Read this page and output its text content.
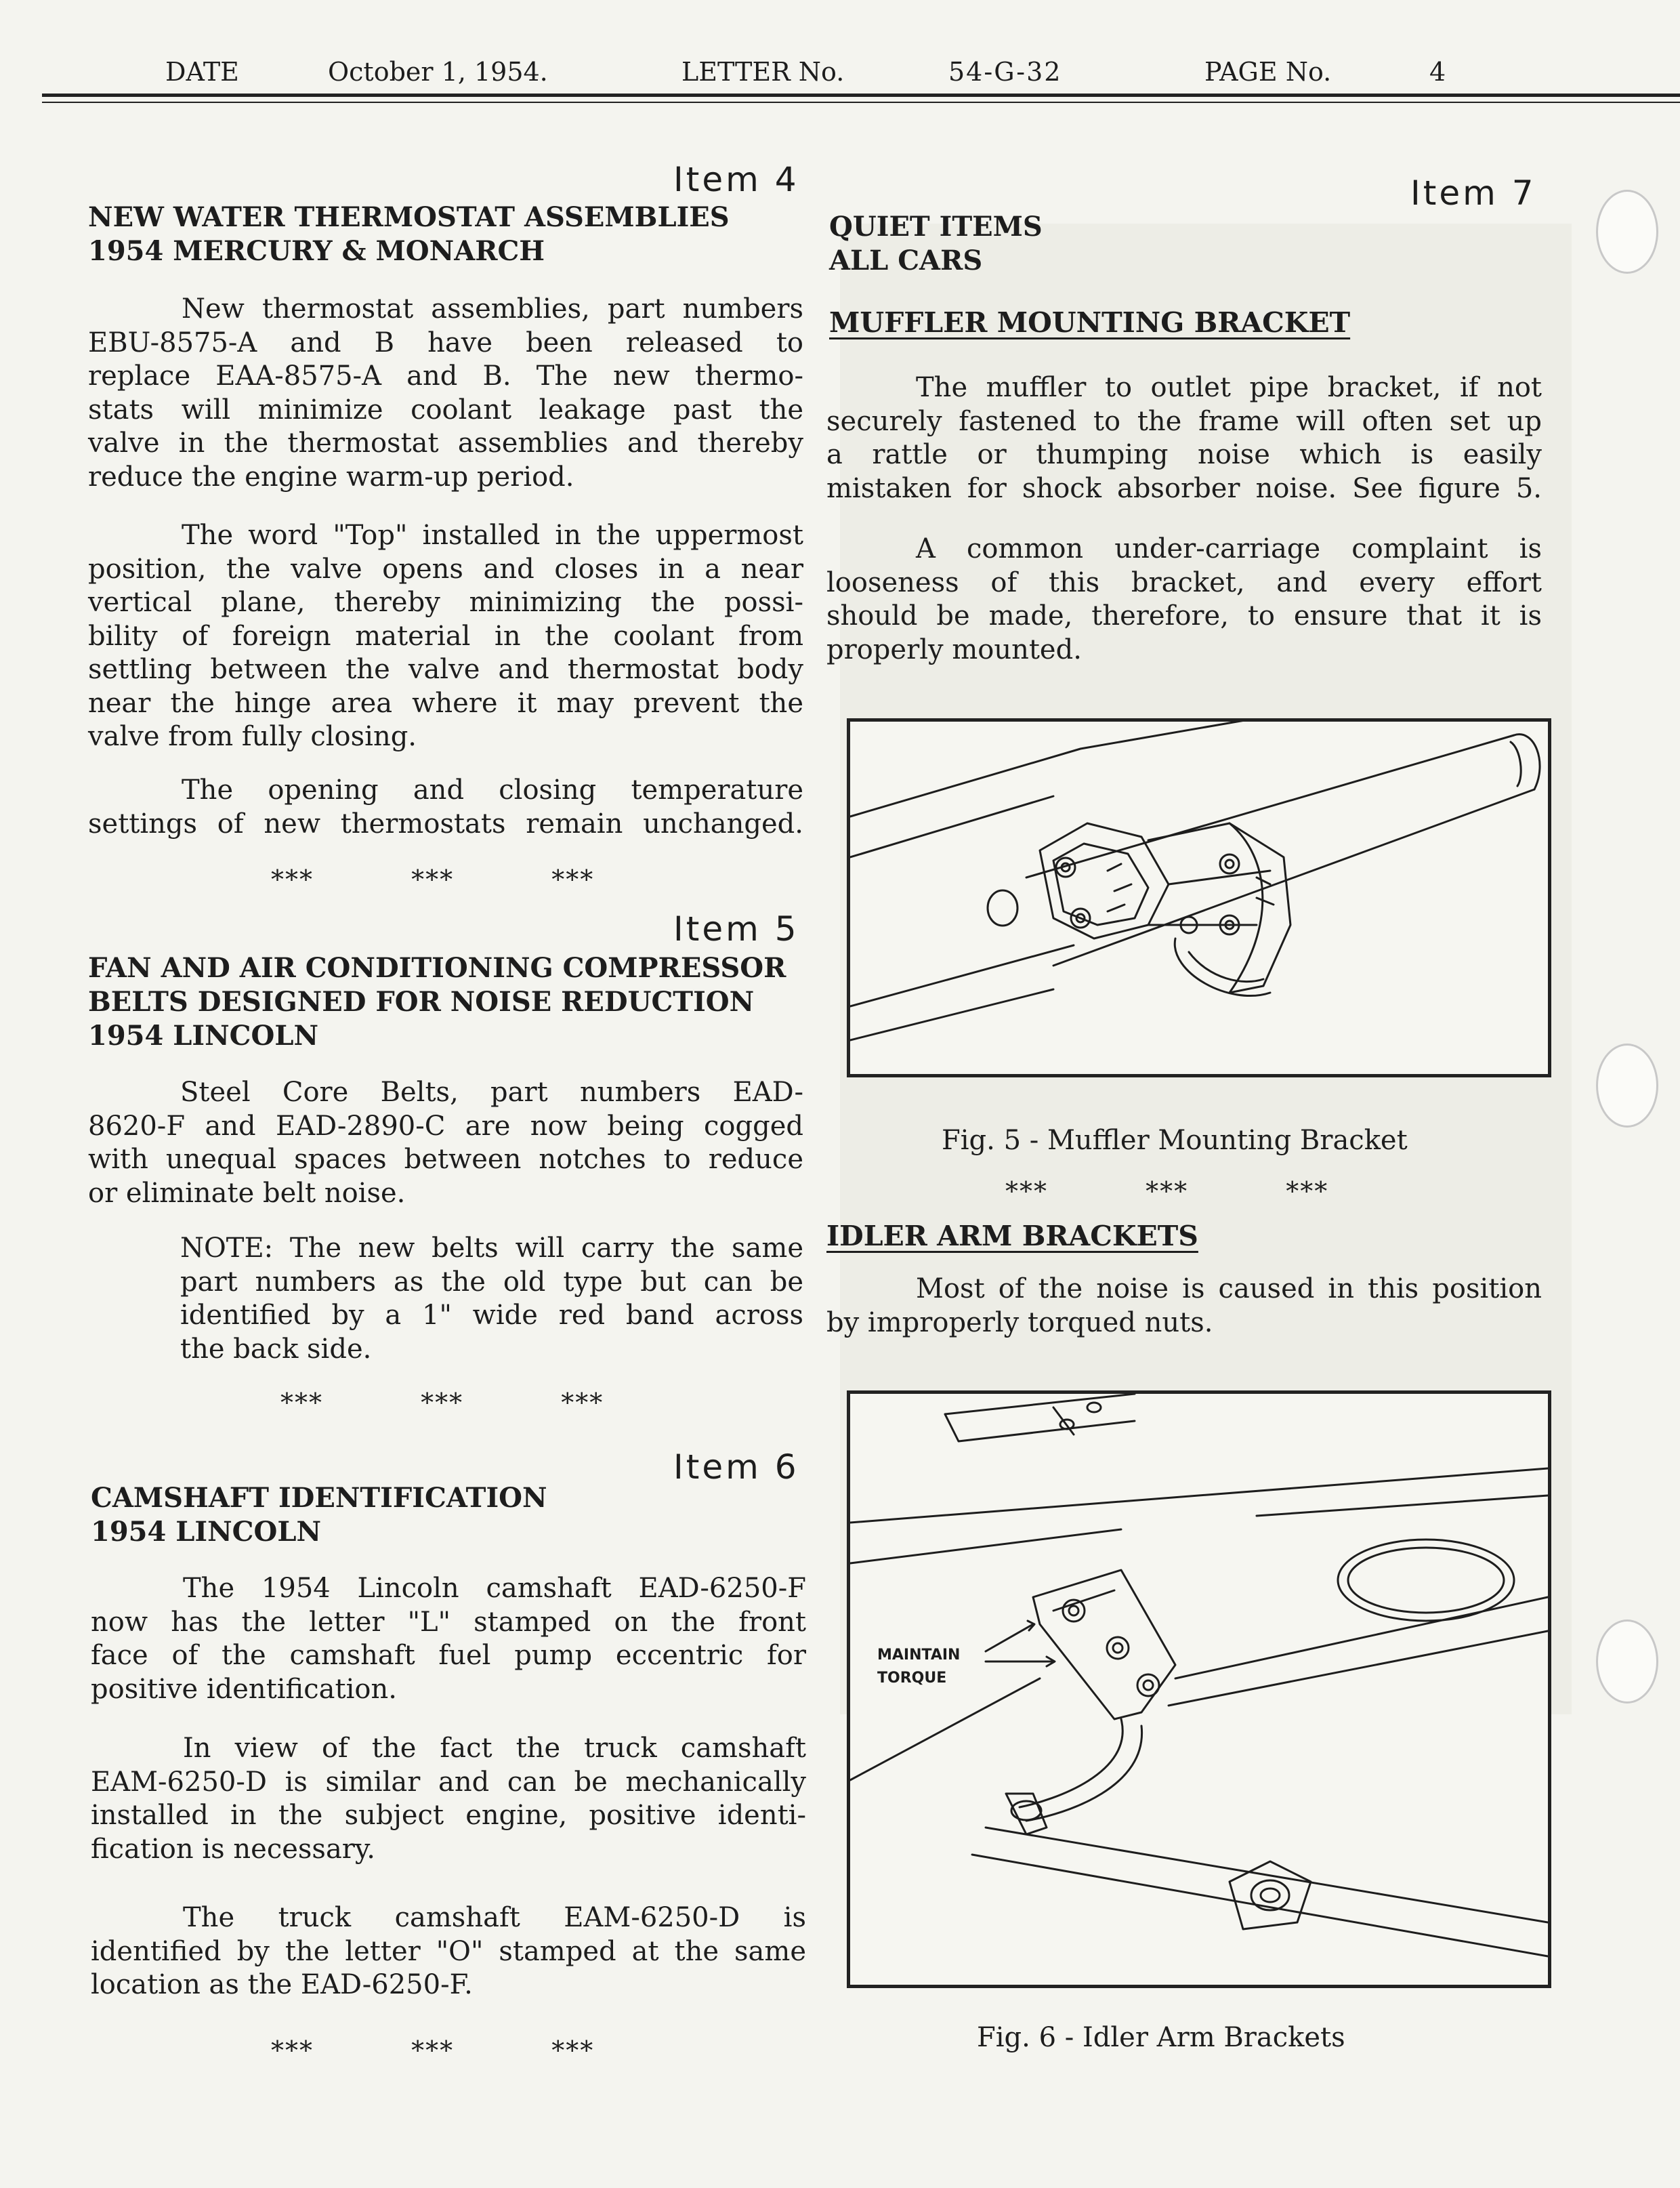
DATE	October 1, 1954.	LETTER No.	54-G-32	PAGE No.	4
Item 4
NEW WATER THERMOSTAT ASSEMBLIES
1954 MERCURY & MONARCH
New thermostat assemblies, part numbers
EBU-8575-A and B have been released to
replace EAA-8575-A and B. The new thermo-
stats will minimize coolant leakage past the
valve in the thermostat assemblies and thereby
reduce the engine warm-up period.
The word "Top" installed in the uppermost
position, the valve opens and closes in a near
vertical plane, thereby minimizing the possi-
bility of foreign material in the coolant from
settling between the valve and thermostat body
near the hinge area where it may prevent the
valve from fully closing.
The opening and closing temperature
settings of new thermostats remain unchanged.
***	***	***
Item 5
FAN AND AIR CONDITIONING COMPRESSOR
BELTS DESIGNED FOR NOISE REDUCTION
1954 LINCOLN
Steel Core Belts, part numbers EAD-
8620-F and EAD-2890-C are now being cogged
with unequal spaces between notches to reduce
or eliminate belt noise.
NOTE: The new belts will carry the same
part numbers as the old type but can be
identified by a 1" wide red band across
the back side.
***	***	***
Item 6
CAMSHAFT IDENTIFICATION
1954 LINCOLN
The 1954 Lincoln camshaft EAD-6250-F
now has the letter "L" stamped on the front
face of the camshaft fuel pump eccentric for
positive identification.
In view of the fact the truck camshaft
EAM-6250-D is similar and can be mechanically
installed in the subject engine, positive identi-
fication is necessary.
The truck camshaft EAM-6250-D is
identified by the letter "O" stamped at the same
location as the EAD-6250-F.
***	***	***
Item 7
QUIET ITEMS
ALL CARS
MUFFLER MOUNTING BRACKET
The muffler to outlet pipe bracket, if not
securely fastened to the frame will often set up
a rattle or thumping noise which is easily
mistaken for shock absorber noise. See figure 5.
A common under-carriage complaint is
looseness of this bracket, and every effort
should be made, therefore, to ensure that it is
properly mounted.
Fig. 5 - Muffler Mounting Bracket
***	***	***
IDLER ARM BRACKETS
Most of the noise is caused in this position
by improperly torqued nuts.
MAINTAIN
TORQUE
Fig. 6 - Idler Arm Brackets
